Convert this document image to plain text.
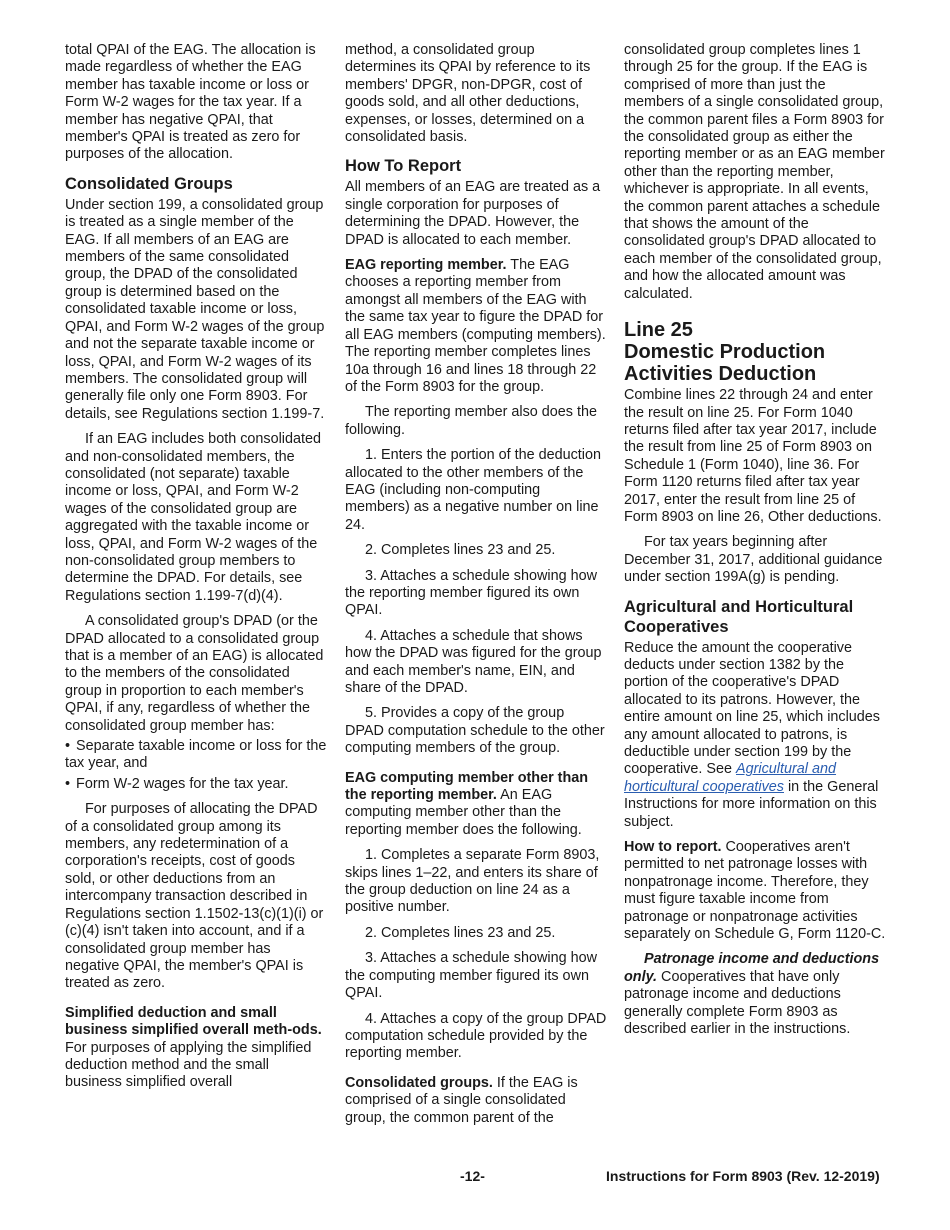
total QPAI of the EAG. The allocation is made regardless of whether the EAG member has taxable income or loss or Form W-2 wages for the tax year. If a member has negative QPAI, that member's QPAI is treated as zero for purposes of the allocation.

Consolidated Groups

Under section 199, a consolidated group is treated as a single member of the EAG. If all members of an EAG are members of the same consolidated group, the DPAD of the consolidated group is determined based on the consolidated taxable income or loss, QPAI, and Form W-2 wages of the group and not the separate taxable income or loss, QPAI, and Form W-2 wages of its members. The consolidated group will generally file only one Form 8903. For details, see Regulations section 1.199-7.

If an EAG includes both consolidated and non-consolidated members, the consolidated (not separate) taxable income or loss, QPAI, and Form W-2 wages of the consolidated group are aggregated with the taxable income or loss, QPAI, and Form W-2 wages of the non-consolidated group members to determine the DPAD. For details, see Regulations section 1.199-7(d)(4).

A consolidated group's DPAD (or the DPAD allocated to a consolidated group that is a member of an EAG) is allocated to the members of the consolidated group in proportion to each member's QPAI, if any, regardless of whether the consolidated group member has:

• Separate taxable income or loss for the tax year, and
• Form W-2 wages for the tax year.

For purposes of allocating the DPAD of a consolidated group among its members, any redetermination of a corporation's receipts, cost of goods sold, or other deductions from an intercompany transaction described in Regulations section 1.1502-13(c)(1)(i) or (c)(4) isn't taken into account, and if a consolidated group member has negative QPAI, the member's QPAI is treated as zero.

Simplified deduction and small business simplified overall meth-ods. For purposes of applying the simplified deduction method and the small business simplified overall

method, a consolidated group determines its QPAI by reference to its members' DPGR, non-DPGR, cost of goods sold, and all other deductions, expenses, or losses, determined on a consolidated basis.

How To Report

All members of an EAG are treated as a single corporation for purposes of determining the DPAD. However, the DPAD is allocated to each member.

EAG reporting member. The EAG chooses a reporting member from amongst all members of the EAG with the same tax year to figure the DPAD for all EAG members (computing members). The reporting member completes lines 10a through 16 and lines 18 through 22 of the Form 8903 for the group.

The reporting member also does the following.

1. Enters the portion of the deduction allocated to the other members of the EAG (including non-computing members) as a negative number on line 24.

2. Completes lines 23 and 25.

3. Attaches a schedule showing how the reporting member figured its own QPAI.

4. Attaches a schedule that shows how the DPAD was figured for the group and each member's name, EIN, and share of the DPAD.

5. Provides a copy of the group DPAD computation schedule to the other computing members of the group.

EAG computing member other than the reporting member. An EAG computing member other than the reporting member does the following.

1. Completes a separate Form 8903, skips lines 1–22, and enters its share of the group deduction on line 24 as a positive number.

2. Completes lines 23 and 25.

3. Attaches a schedule showing how the computing member figured its own QPAI.

4. Attaches a copy of the group DPAD computation schedule provided by the reporting member.

Consolidated groups. If the EAG is comprised of a single consolidated group, the common parent of the

consolidated group completes lines 1 through 25 for the group. If the EAG is comprised of more than just the members of a single consolidated group, the common parent files a Form 8903 for the consolidated group as either the reporting member or as an EAG member other than the reporting member, whichever is appropriate. In all events, the common parent attaches a schedule that shows the amount of the consolidated group's DPAD allocated to each member of the consolidated group, and how the allocated amount was calculated.

Line 25
Domestic Production
Activities Deduction

Combine lines 22 through 24 and enter the result on line 25. For Form 1040 returns filed after tax year 2017, include the result from line 25 of Form 8903 on Schedule 1 (Form 1040), line 36. For Form 1120 returns filed after tax year 2017, enter the result from line 25 of Form 8903 on line 26, Other deductions.

For tax years beginning after December 31, 2017, additional guidance under section 199A(g) is pending.

Agricultural and Horticultural Cooperatives

Reduce the amount the cooperative deducts under section 1382 by the portion of the cooperative's DPAD allocated to its patrons. However, the entire amount on line 25, which includes any amount allocated to patrons, is deductible under section 199 by the cooperative. See Agricultural and horticultural cooperatives in the General Instructions for more information on this subject.

How to report. Cooperatives aren't permitted to net patronage losses with nonpatronage income. Therefore, they must figure taxable income from patronage or nonpatronage activities separately on Schedule G, Form 1120-C.

Patronage income and deductions only. Cooperatives that have only patronage income and deductions generally complete Form 8903 as described earlier in the instructions.

-12-	Instructions for Form 8903 (Rev. 12-2019)
